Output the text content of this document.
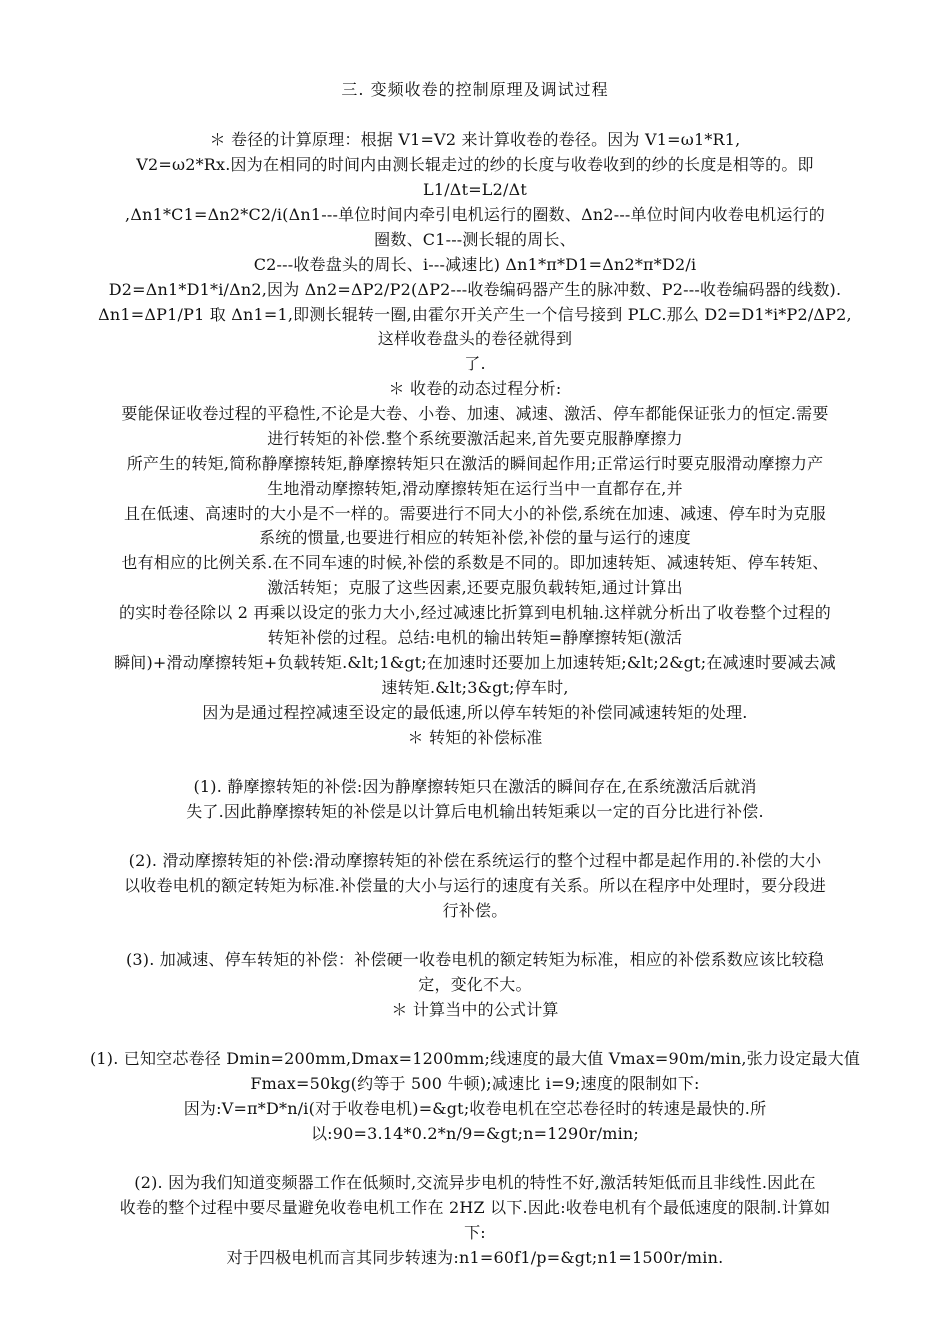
三. 变频收卷的控制原理及调试过程
＊ 卷径的计算原理：根据 V1=V2 来计算收卷的卷径。因为 V1=ω1*R1,
V2=ω2*Rx.因为在相同的时间内由测长辊走过的纱的长度与收卷收到的纱的长度是相等的。即
L1/Δt=L2/Δt
,Δn1*C1=Δn2*C2/i(Δn1---单位时间内牵引电机运行的圈数、Δn2---单位时间内收卷电机运行的
圈数、C1---测长辊的周长、
C2---收卷盘头的周长、i---减速比) Δn1*π*D1=Δn2*π*D2/i
D2=Δn1*D1*i/Δn2,因为 Δn2=ΔP2/P2(ΔP2---收卷编码器产生的脉冲数、P2---收卷编码器的线数).
Δn1=ΔP1/P1 取 Δn1=1,即测长辊转一圈,由霍尔开关产生一个信号接到 PLC.那么 D2=D1*i*P2/ΔP2,
这样收卷盘头的卷径就得到
了.
＊ 收卷的动态过程分析:
要能保证收卷过程的平稳性,不论是大卷、小卷、加速、减速、激活、停车都能保证张力的恒定.需要
进行转矩的补偿.整个系统要激活起来,首先要克服静摩擦力
所产生的转矩,简称静摩擦转矩,静摩擦转矩只在激活的瞬间起作用;正常运行时要克服滑动摩擦力产
生地滑动摩擦转矩,滑动摩擦转矩在运行当中一直都存在,并
且在低速、高速时的大小是不一样的。需要进行不同大小的补偿,系统在加速、减速、停车时为克服
系统的惯量,也要进行相应的转矩补偿,补偿的量与运行的速度
也有相应的比例关系.在不同车速的时候,补偿的系数是不同的。即加速转矩、减速转矩、停车转矩、
激活转矩；克服了这些因素,还要克服负载转矩,通过计算出
的实时卷径除以 2 再乘以设定的张力大小,经过减速比折算到电机轴.这样就分析出了收卷整个过程的
转矩补偿的过程。总结:电机的输出转矩=静摩擦转矩(激活
瞬间)+滑动摩擦转矩+负载转矩.&lt;1&gt;在加速时还要加上加速转矩;&lt;2&gt;在减速时要减去减
速转矩.&lt;3&gt;停车时,
因为是通过程控减速至设定的最低速,所以停车转矩的补偿同减速转矩的处理.
＊ 转矩的补偿标准
(1). 静摩擦转矩的补偿:因为静摩擦转矩只在激活的瞬间存在,在系统激活后就消
失了.因此静摩擦转矩的补偿是以计算后电机输出转矩乘以一定的百分比进行补偿.
(2). 滑动摩擦转矩的补偿:滑动摩擦转矩的补偿在系统运行的整个过程中都是起作用的.补偿的大小
以收卷电机的额定转矩为标准.补偿量的大小与运行的速度有关系。所以在程序中处理时，要分段进
行补偿。
(3). 加减速、停车转矩的补偿：补偿硬一收卷电机的额定转矩为标准，相应的补偿系数应该比较稳
定，变化不大。
＊ 计算当中的公式计算
(1). 已知空芯卷径 Dmin=200mm,Dmax=1200mm;线速度的最大值 Vmax=90m/min,张力设定最大值
Fmax=50kg(约等于 500 牛顿);减速比 i=9;速度的限制如下:
因为:V=π*D*n/i(对于收卷电机)=&gt;收卷电机在空芯卷径时的转速是最快的.所
以:90=3.14*0.2*n/9=&gt;n=1290r/min;
(2). 因为我们知道变频器工作在低频时,交流异步电机的特性不好,激活转矩低而且非线性.因此在
收卷的整个过程中要尽量避免收卷电机工作在 2HZ 以下.因此:收卷电机有个最低速度的限制.计算如
下:
对于四极电机而言其同步转速为:n1=60f1/p=&gt;n1=1500r/min.
